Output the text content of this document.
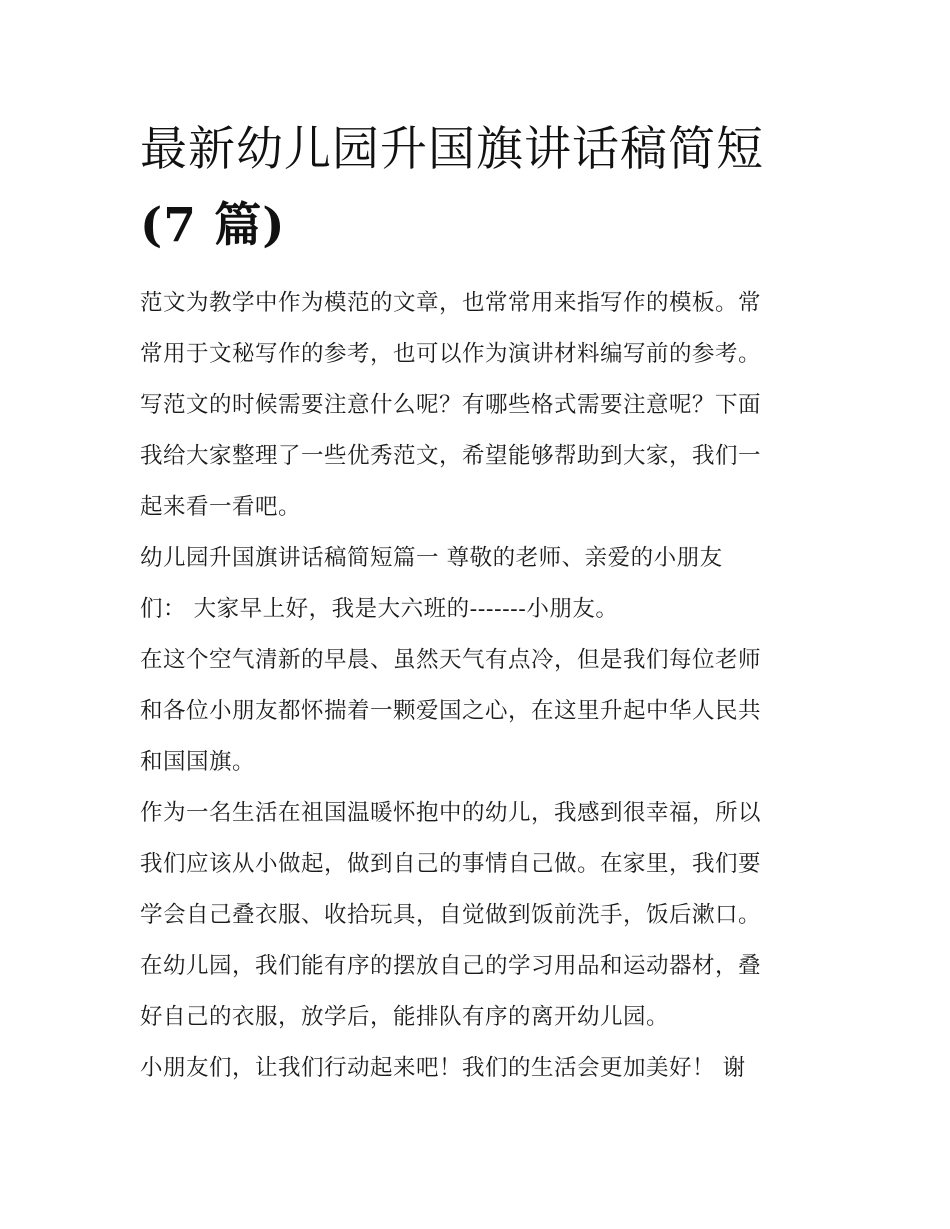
最新幼儿园升国旗讲话稿简短
(7 篇)

范文为教学中作为模范的文章，也常常用来指写作的模板。常
常用于文秘写作的参考，也可以作为演讲材料编写前的参考。
写范文的时候需要注意什么呢？有哪些格式需要注意呢？下面
我给大家整理了一些优秀范文，希望能够帮助到大家，我们一
起来看一看吧。

幼儿园升国旗讲话稿简短篇一 尊敬的老师、亲爱的小朋友
们： 大家早上好，我是大六班的-------小朋友。

在这个空气清新的早晨、虽然天气有点冷，但是我们每位老师
和各位小朋友都怀揣着一颗爱国之心，在这里升起中华人民共
和国国旗。

作为一名生活在祖国温暖怀抱中的幼儿，我感到很幸福，所以
我们应该从小做起，做到自己的事情自己做。在家里，我们要
学会自己叠衣服、收拾玩具，自觉做到饭前洗手，饭后漱口。
在幼儿园，我们能有序的摆放自己的学习用品和运动器材，叠
好自己的衣服，放学后，能排队有序的离开幼儿园。

小朋友们，让我们行动起来吧！我们的生活会更加美好！ 谢
